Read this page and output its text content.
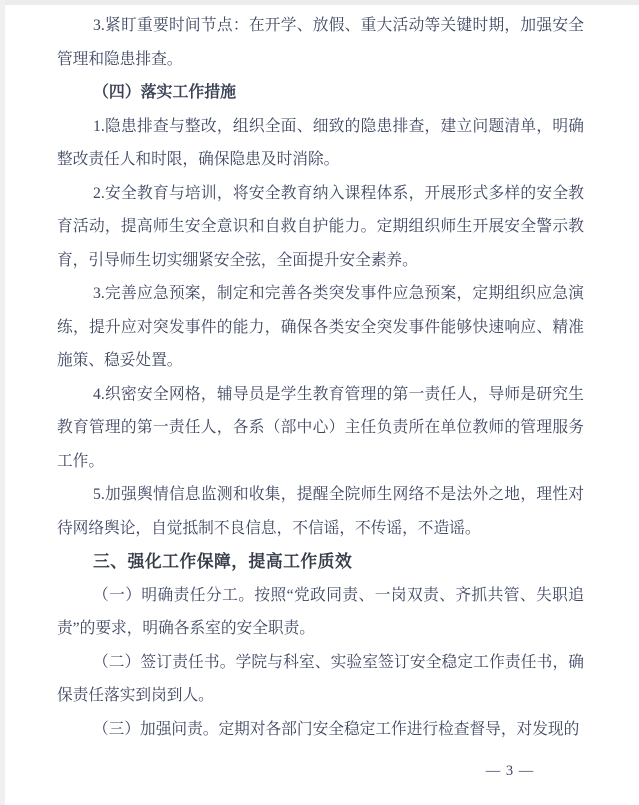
3.紧盯重要时间节点：在开学、放假、重大活动等关键时期，加强安全管理和隐患排查。

（四）落实工作措施

1.隐患排查与整改，组织全面、细致的隐患排查，建立问题清单，明确整改责任人和时限，确保隐患及时消除。

2.安全教育与培训，将安全教育纳入课程体系，开展形式多样的安全教育活动，提高师生安全意识和自救自护能力。定期组织师生开展安全警示教育，引导师生切实绷紧安全弦，全面提升安全素养。

3.完善应急预案，制定和完善各类突发事件应急预案，定期组织应急演练，提升应对突发事件的能力，确保各类安全突发事件能够快速响应、精准施策、稳妥处置。

4.织密安全网格，辅导员是学生教育管理的第一责任人，导师是研究生教育管理的第一责任人，各系（部中心）主任负责所在单位教师的管理服务工作。

5.加强舆情信息监测和收集，提醒全院师生网络不是法外之地，理性对待网络舆论，自觉抵制不良信息，不信谣，不传谣，不造谣。

三、强化工作保障，提高工作质效

（一）明确责任分工。按照“党政同责、一岗双责、齐抓共管、失职追责”的要求，明确各系室的安全职责。

（二）签订责任书。学院与科室、实验室签订安全稳定工作责任书，确保责任落实到岗到人。

（三）加强问责。定期对各部门安全稳定工作进行检查督导，对发现的

— 3 —
